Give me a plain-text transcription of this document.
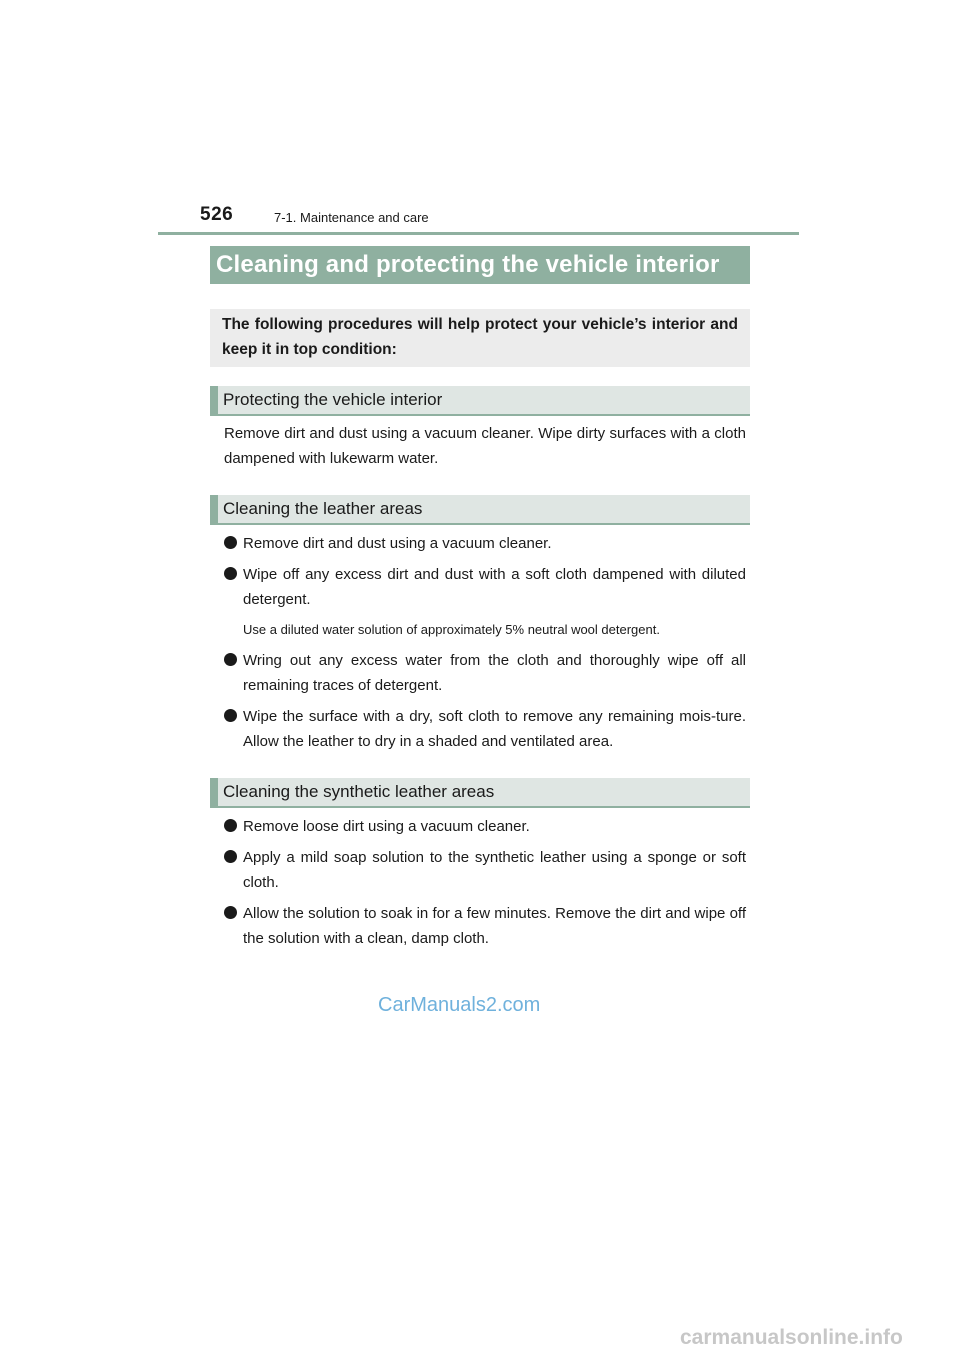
526	7-1. Maintenance and care
Cleaning and protecting the vehicle interior
The following procedures will help protect your vehicle’s interior and keep it in top condition:
Protecting the vehicle interior

Remove dirt and dust using a vacuum cleaner. Wipe dirty surfaces with a cloth dampened with lukewarm water.

Cleaning the leather areas
Remove dirt and dust using a vacuum cleaner.
Wipe off any excess dirt and dust with a soft cloth dampened with diluted detergent.
Use a diluted water solution of approximately 5% neutral wool detergent.
Wring out any excess water from the cloth and thoroughly wipe off all remaining traces of detergent.
Wipe the surface with a dry, soft cloth to remove any remaining mois-ture. Allow the leather to dry in a shaded and ventilated area.
Cleaning the synthetic leather areas
Remove loose dirt using a vacuum cleaner.
Apply a mild soap solution to the synthetic leather using a sponge or soft cloth.
Allow the solution to soak in for a few minutes. Remove the dirt and wipe off the solution with a clean, damp cloth.
CarManuals2.com
carmanualsonline.info
